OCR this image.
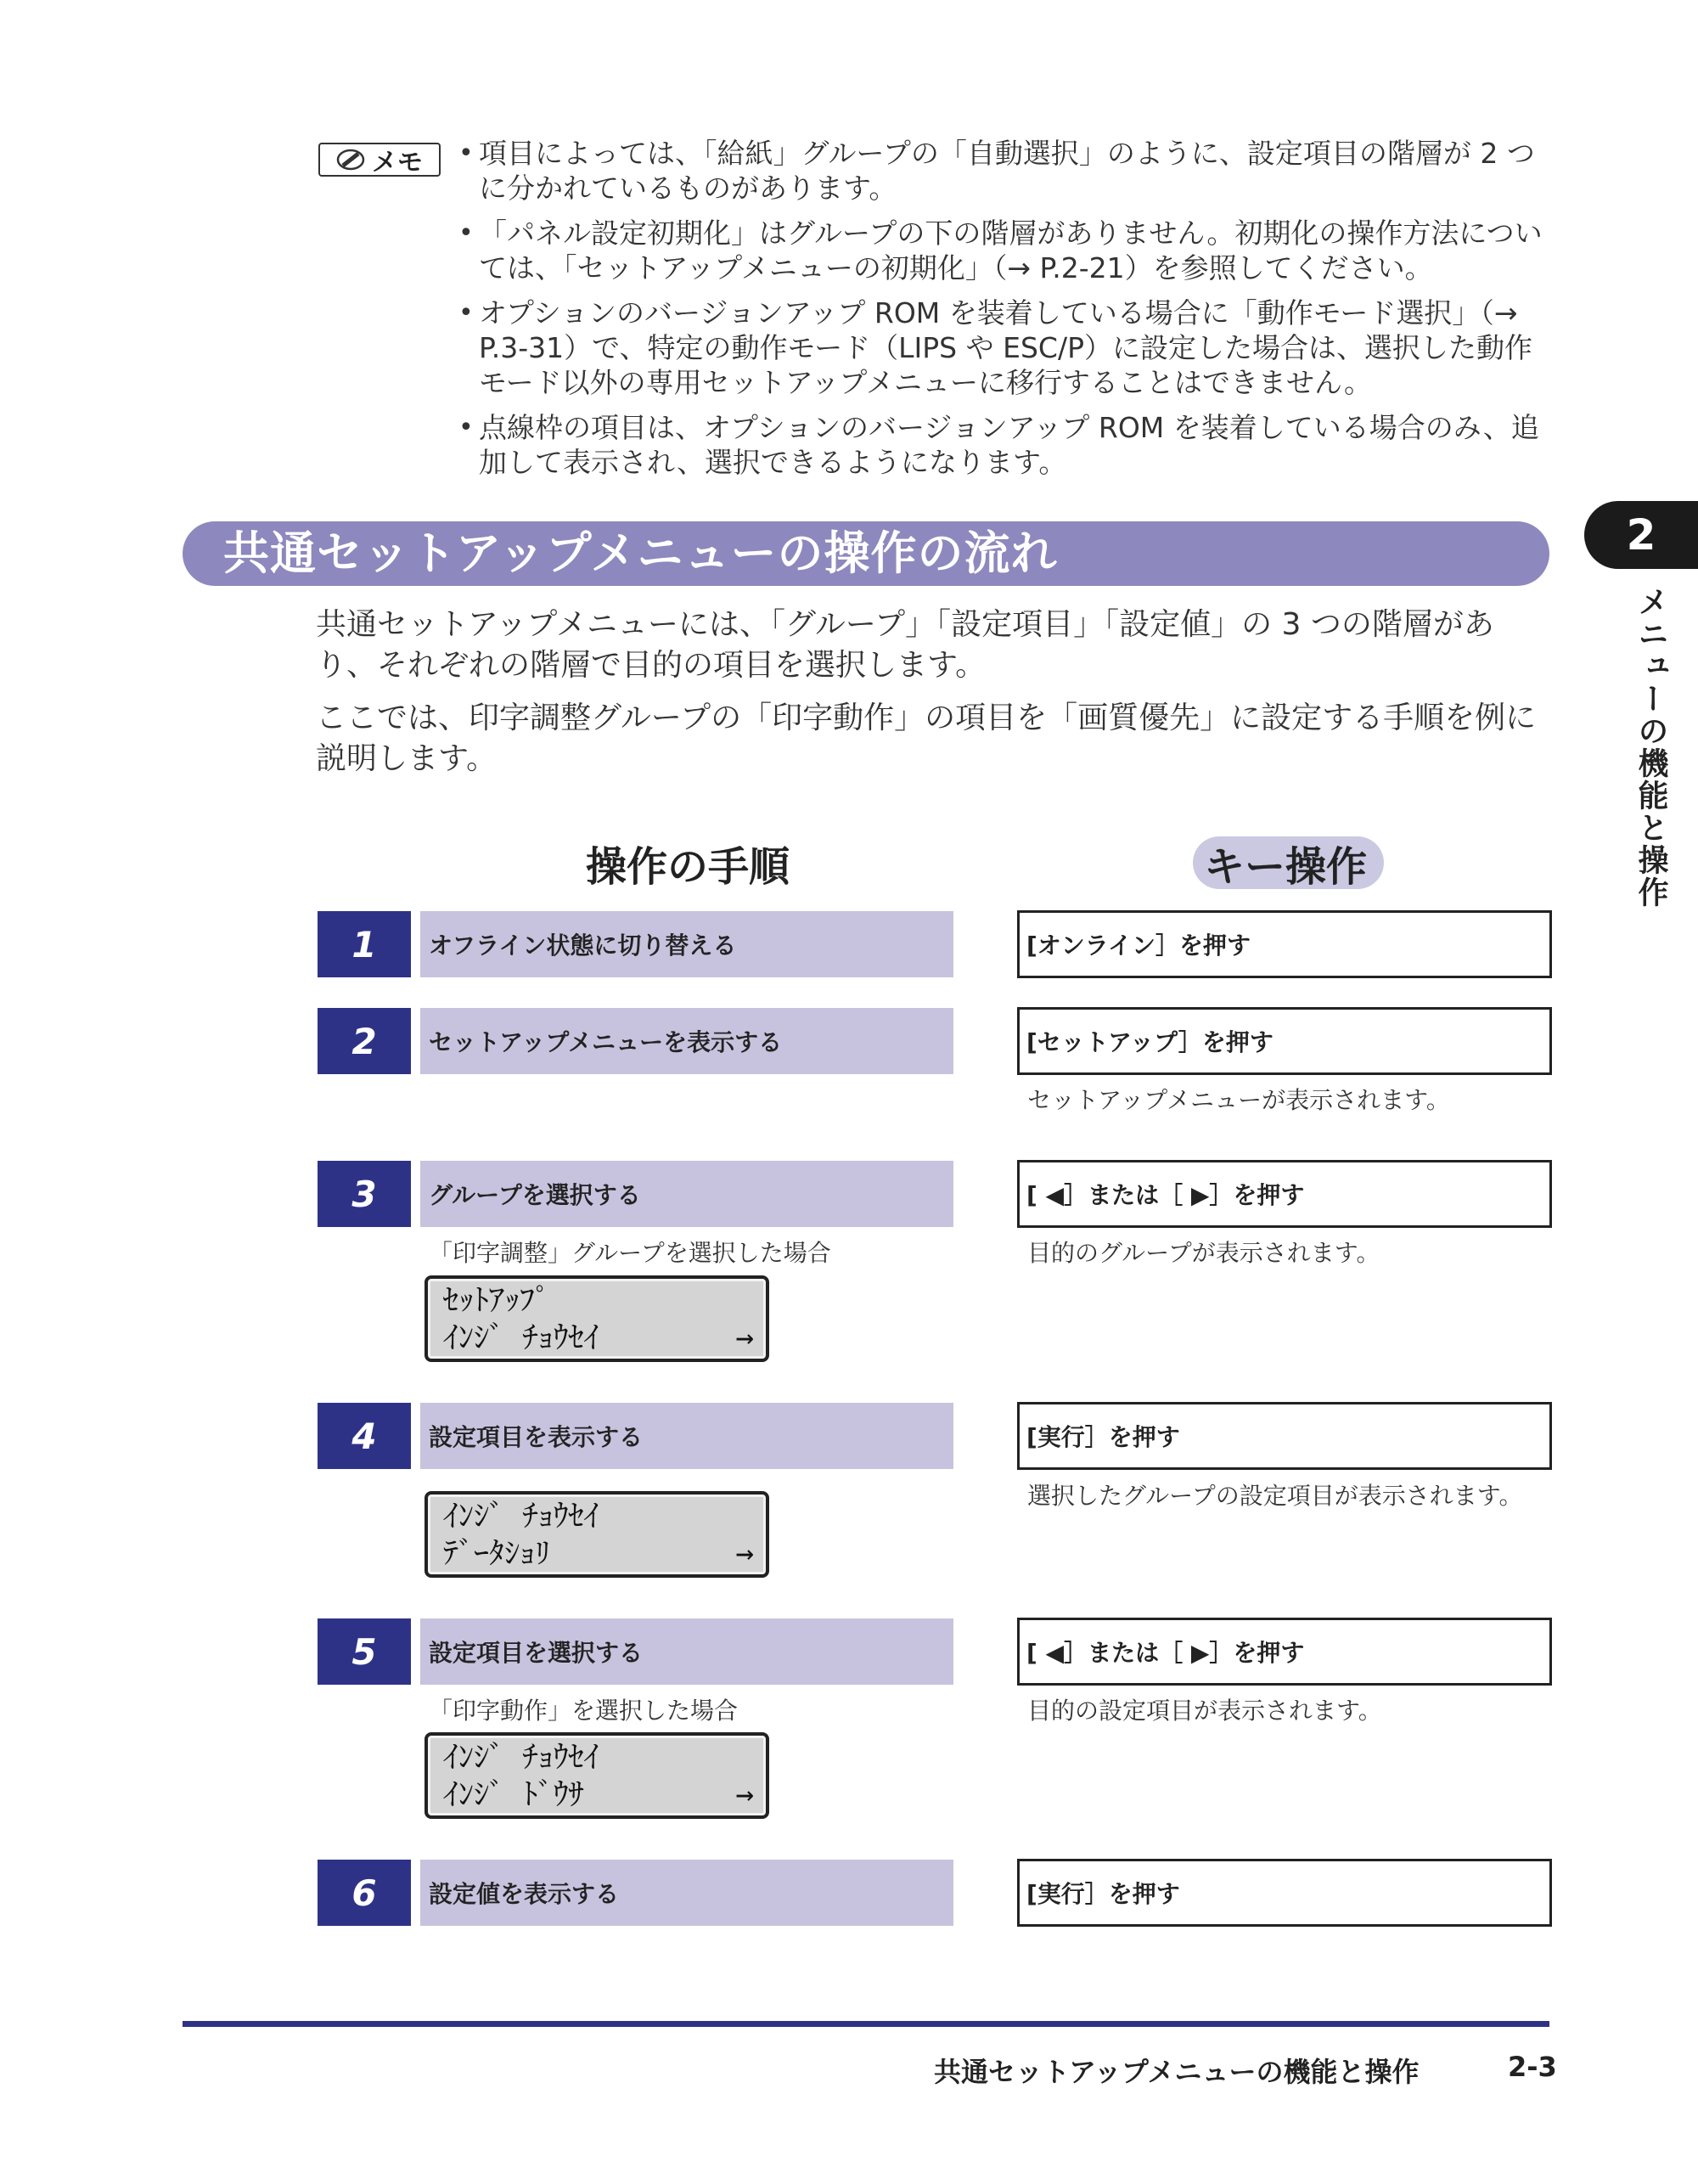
メモ
•	項目によっては、「給紙」グループの「自動選択」のように、設定項目の階層が 2 つに分かれているものがあります。
• 「パネル設定初期化」はグループの下の階層がありません。初期化の操作方法については、「セットアップメニューの初期化」（→ P.2-21）を参照してください。
• オプションのバージョンアップ ROM を装着している場合に「動作モード選択」（→ P.3-31）で、特定の動作モード（LIPS や ESC/P）に設定した場合は、選択した動作モード以外の専用セットアップメニューに移行することはできません。
• 点線枠の項目は、オプションのバージョンアップ ROM を装着している場合のみ、追加して表示され、選択できるようになります。
共通セットアップメニューの操作の流れ	2
メニューの機能と操作
共通セットアップメニューには、「グループ」「設定項目」「設定値」の 3 つの階層があり、それぞれの階層で目的の項目を選択します。
ここでは、印字調整グループの「印字動作」の項目を「画質優先」に設定する手順を例に説明します。
操作の手順	キー操作
1	オフライン状態に切り替える	[オンライン］を押す
2	セットアップメニューを表示する	[セットアップ］を押す
セットアップメニューが表示されます。
3	グループを選択する
「印字調整」グループを選択した場合
[ ◀］または［ ▶］を押す
目的のグループが表示されます。
ｾｯﾄｱｯﾌﾟ
ｲﾝｼﾞ ﾁｮｳｾｲ	→
4	設定項目を表示する	[実行］を押す
選択したグループの設定項目が表示されます。
ｲﾝｼﾞ ﾁｮｳｾｲ
ﾃﾞｰﾀｼｮﾘ	→
5	設定項目を選択する
「印字動作」を選択した場合
[ ◀］または［ ▶］を押す
目的の設定項目が表示されます。
ｲﾝｼﾞ ﾁｮｳｾｲ
ｲﾝｼﾞ ﾄﾞｳｻ	→
6	設定値を表示する	[実行］を押す
共通セットアップメニューの機能と操作	2-3
